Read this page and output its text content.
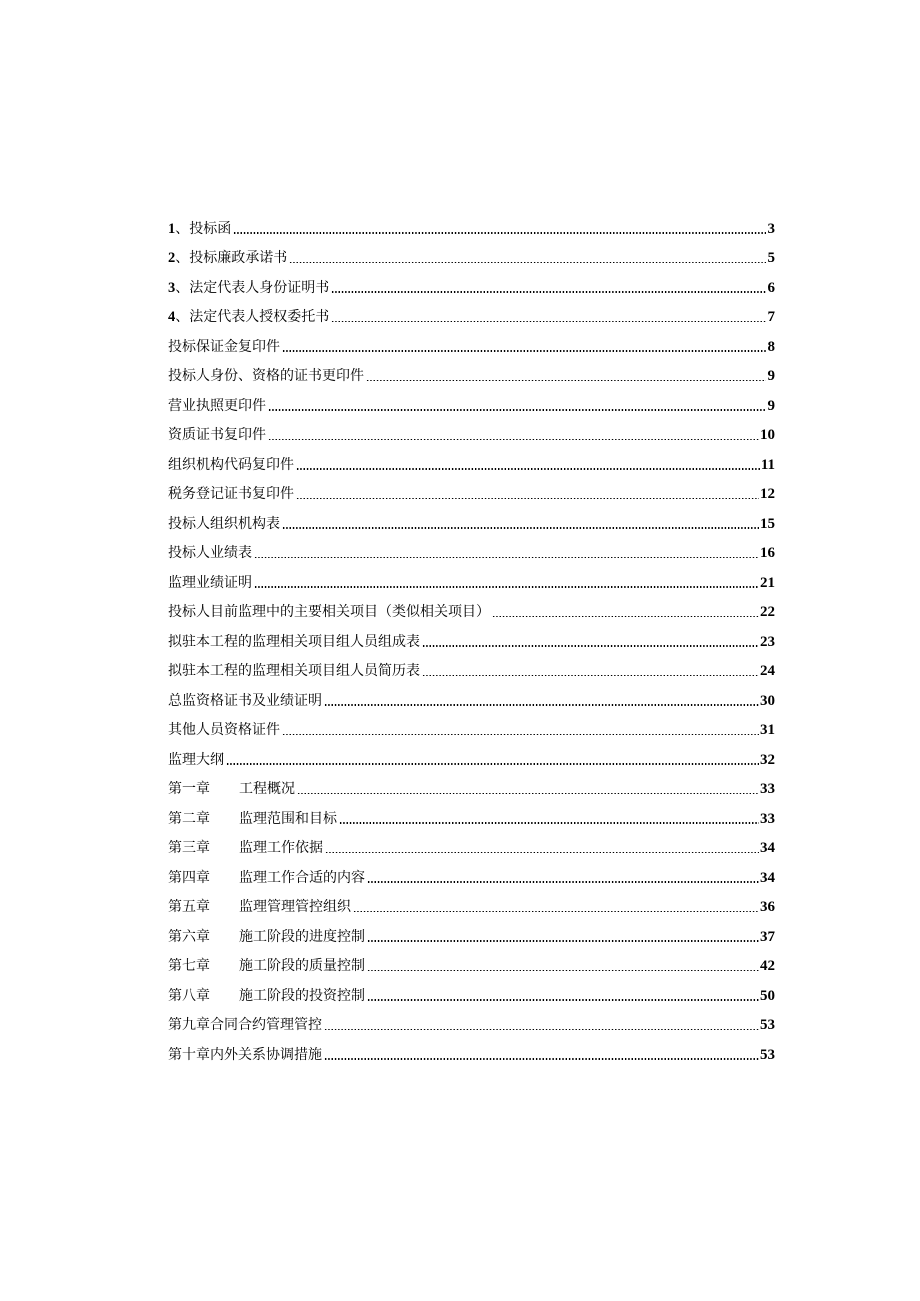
1、投标函	3
2、投标廉政承诺书	5
3、法定代表人身份证明书	6
4、法定代表人授权委托书	7
投标保证金复印件	8
投标人身份、资格的证书更印件	9
营业执照更印件	9
资质证书复印件	10
组织机构代码复印件	11
税务登记证书复印件	12
投标人组织机构表	15
投标人业绩表	16
监理业绩证明	21
投标人目前监理中的主要相关项目（类似相关项目）	22
拟驻本工程的监理相关项目组人员组成表	23
拟驻本工程的监理相关项目组人员简历表	24
总监资格证书及业绩证明	30
其他人员资格证件	31
监理大纲	32
第一章	工程概况	33
第二章	监理范围和目标	33
第三章	监理工作依据	34
第四章	监理工作合适的内容	34
第五章	监理管理管控组织	36
第六章	施工阶段的进度控制	37
第七章	施工阶段的质量控制	42
第八章	施工阶段的投资控制	50
第九章合同合约管理管控	53
第十章内外关系协调措施	53
